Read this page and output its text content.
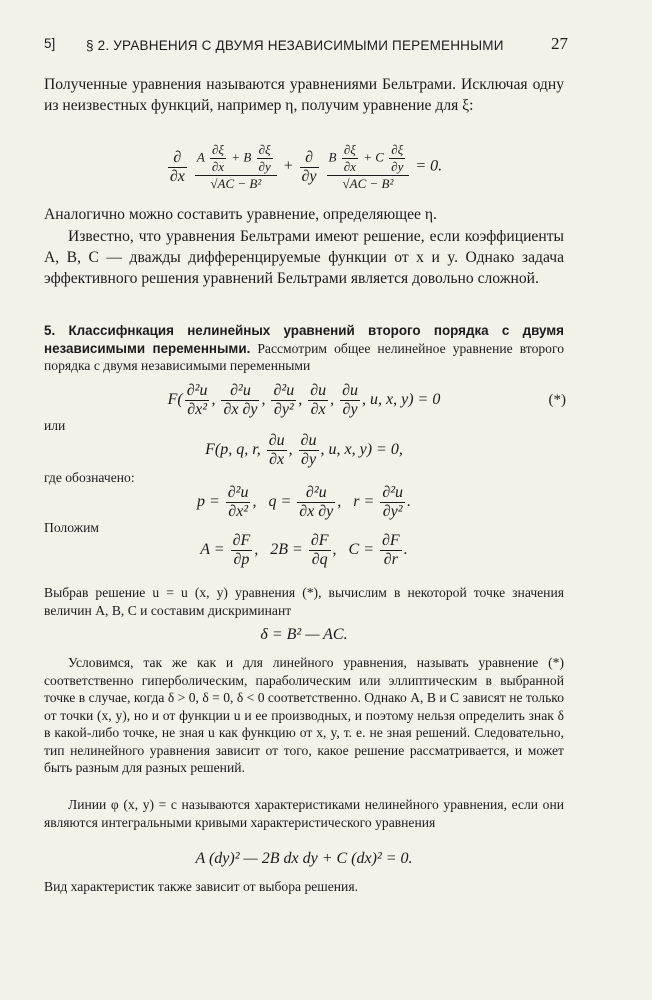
5] § 2. УРАВНЕНИЯ С ДВУМЯ НЕЗАВИСИМЫМИ ПЕРЕМЕННЫМИ	27
Полученные уравнения называются уравнениями Бельтрами. Исключая одну из неизвестных функций, например η, получим уравнение для ξ:
$\frac{\partial}{\partial x}$
$\frac{A \frac{\partial\xi}{\partial x} + B \frac{\partial\xi}{\partial y}}{\text{√AC − B²}} + \frac{\partial}{\partial y}$
$\frac{B \frac{\partial\xi}{\partial x} + C \frac{\partial\xi}{\partial y}}{\text{√AC − B²}} = 0$.
Аналогично можно составить уравнение, определяющее η.
Известно, что уравнения Бельтрами имеют решение, если коэффициенты A, B, C — дважды дифференцируемые функции от x и y. Однако задача эффективного решения уравнений Бельтрами является довольно сложной.
5. Классифнкация нелинейных уравнений второго порядка с двумя независимыми переменными. Рассмотрим общее нелинейное уравнение второго порядка с двумя независимыми переменными
$F( \frac{\text{∂²u}}{\text{∂x²}}$ , $\frac{\text{∂²u}}{\partial x \partial y}$ , $\frac{\text{∂²u}}{\text{∂y²}}$ , $\frac{\partial u}{\partial x}$ , $\frac{\partial u}{\partial y}$ , u, x, y) = 0	(*)
или
F(p, q, r, $\frac{\partial u}{\partial x}$ , $\frac{\partial u}{\partial y}$ , u, x, y) = 0,
где обозначено:
$p = \frac{\text{∂²u}}{\text{∂x²}}$ ,   $q = \frac{\text{∂²u}}{\partial x \partial y}$ ,   $r = \frac{\text{∂²u}}{\text{∂y²}}$ .
Положим
$A = \frac{\partial F}{\partial p}$ ,   $2B = \frac{\partial F}{\partial q}$ ,   $C = \frac{\partial F}{\partial r}$ .
Выбрав решение u = u (x, y) уравнения (*), вычислим в некоторой точке значения величин A, B, C и составим дискриминант
δ = B² — AC.
Условимся, так же как и для линейного уравнения, называть уравнение (*) соответственно гиперболическим, параболическим или эллиптическим в выбранной точке в случае, когда δ > 0, δ = 0, δ < 0 соответственно. Однако A, B и C зависят не только от точки (x, y), но и от функции u и ее производных, и поэтому нельзя определить знак δ в какой-либо точке, не зная u как функцию от x, y, т. е. не зная решений. Следовательно, тип нелинейного уравнения зависит от того, какое решение рассматривается, и может быть разным для разных решений.
Линии φ (x, y) = c называются характеристиками нелинейного уравнения, если они являются интегральными кривыми характеристического уравнения
A (dy)² — 2B dx dy + C (dx)² = 0.
Вид характеристик также зависит от выбора решения.
